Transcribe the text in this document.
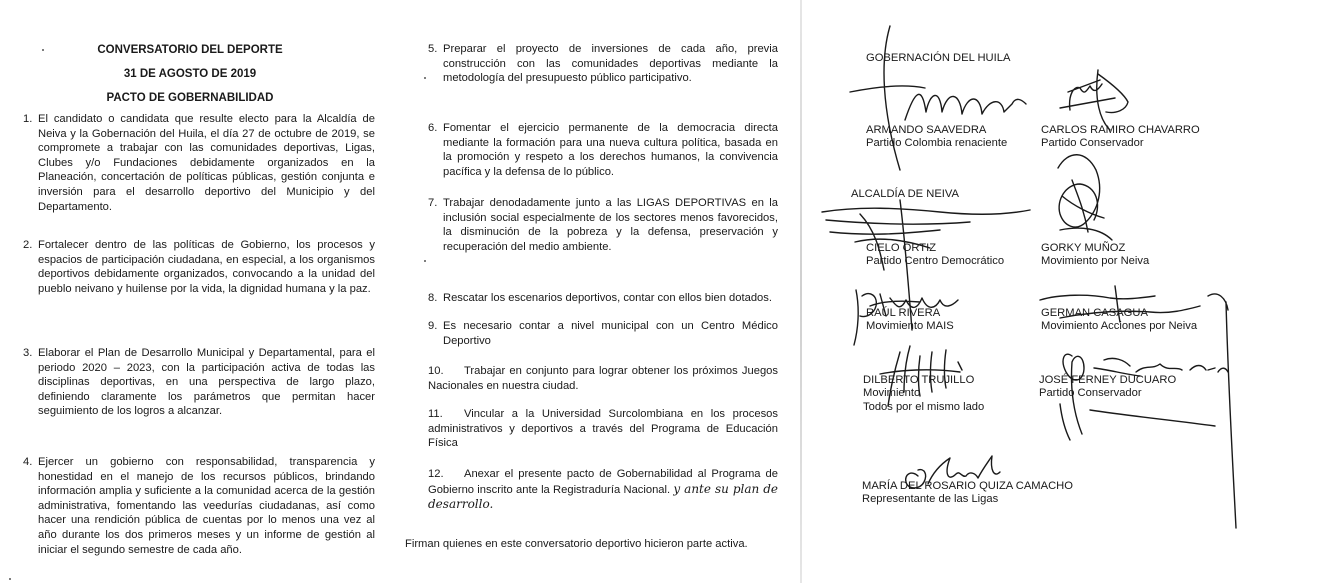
CONVERSATORIO DEL DEPORTE
31 DE AGOSTO DE 2019
PACTO DE GOBERNABILIDAD
1. El candidato o candidata que resulte electo para la Alcaldía de Neiva y la Gobernación del Huila, el día 27 de octubre de 2019, se compromete a trabajar con las comunidades deportivas, Ligas, Clubes y/o Fundaciones debidamente organizados en la Planeación, concertación de políticas públicas, gestión conjunta e inversión para el desarrollo deportivo del Municipio y del Departamento.
2. Fortalecer dentro de las políticas de Gobierno, los procesos y espacios de participación ciudadana, en especial, a los organismos deportivos debidamente organizados, convocando a la unidad del pueblo neivano y huilense por la vida, la dignidad humana y la paz.
3. Elaborar el Plan de Desarrollo Municipal y Departamental, para el periodo 2020 – 2023, con la participación activa de todas las disciplinas deportivas, en una perspectiva de largo plazo, definiendo claramente los parámetros que permitan hacer seguimiento de los logros a alcanzar.
4. Ejercer un gobierno con responsabilidad, transparencia y honestidad en el manejo de los recursos públicos, brindando información amplia y suficiente a la comunidad acerca de la gestión administrativa, fomentando las veedurías ciudadanas, así como hacer una rendición pública de cuentas por lo menos una vez al año durante los dos primeros meses y un informe de gestión al iniciar el segundo semestre de cada año.
5. Preparar el proyecto de inversiones de cada año, previa construcción con las comunidades deportivas mediante la metodología del presupuesto público participativo.
6. Fomentar el ejercicio permanente de la democracia directa mediante la formación para una nueva cultura política, basada en la promoción y respeto a los derechos humanos, la convivencia pacífica y la defensa de lo público.
7. Trabajar denodadamente junto a las LIGAS DEPORTIVAS en la inclusión social especialmente de los sectores menos favorecidos, la disminución de la pobreza y la defensa, preservación y recuperación del medio ambiente.
8. Rescatar los escenarios deportivos, contar con ellos bien dotados.
9. Es necesario contar a nivel municipal con un Centro Médico Deportivo
10. Trabajar en conjunto para lograr obtener los próximos Juegos Nacionales en nuestra ciudad.
11. Vincular a la Universidad Surcolombiana en los procesos administrativos y deportivos a través del Programa de Educación Física
12. Anexar el presente pacto de Gobernabilidad al Programa de Gobierno inscrito ante la Registraduría Nacional. y ante su plan de desarrollo.
Firman quienes en este conversatorio deportivo hicieron parte activa.
GOBERNACIÓN DEL HUILA
ARMANDO SAAVEDRA
Partido Colombia renaciente
CARLOS RAMIRO CHAVARRO
Partido Conservador
ALCALDÍA DE NEIVA
CIELO ORTIZ
Partido Centro Democrático
GORKY MUÑOZ
Movimiento por Neiva
RAÚL RIVERA
Movimiento MAIS
GERMAN CASAGUA
Movimiento Acciones por Neiva
DILBERTO TRUJILLO
Movimiento
Todos por el mismo lado
JOSÉ FERNEY DUCUARO
Partido Conservador
MARÍA DEL ROSARIO QUIZA CAMACHO
Representante de las Ligas
